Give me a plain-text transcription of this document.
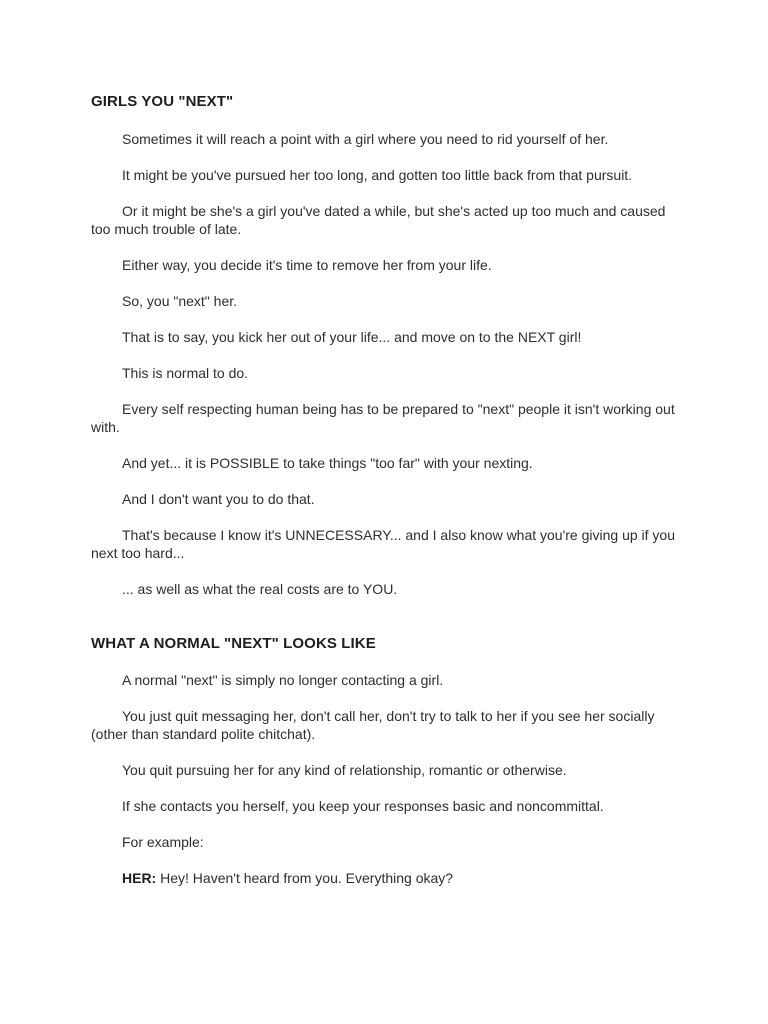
GIRLS YOU "NEXT"

Sometimes it will reach a point with a girl where you need to rid yourself of her.

It might be you've pursued her too long, and gotten too little back from that pursuit.

Or it might be she's a girl you've dated a while, but she's acted up too much and caused too much trouble of late.

Either way, you decide it's time to remove her from your life.

So, you "next" her.

That is to say, you kick her out of your life... and move on to the NEXT girl!

This is normal to do.

Every self respecting human being has to be prepared to "next" people it isn't working out with.

And yet... it is POSSIBLE to take things "too far" with your nexting.

And I don't want you to do that.

That's because I know it's UNNECESSARY... and I also know what you're giving up if you next too hard...

... as well as what the real costs are to YOU.

WHAT A NORMAL "NEXT" LOOKS LIKE

A normal "next" is simply no longer contacting a girl.

You just quit messaging her, don't call her, don't try to talk to her if you see her socially (other than standard polite chitchat).

You quit pursuing her for any kind of relationship, romantic or otherwise.

If she contacts you herself, you keep your responses basic and noncommittal.

For example:

HER: Hey! Haven't heard from you. Everything okay?
